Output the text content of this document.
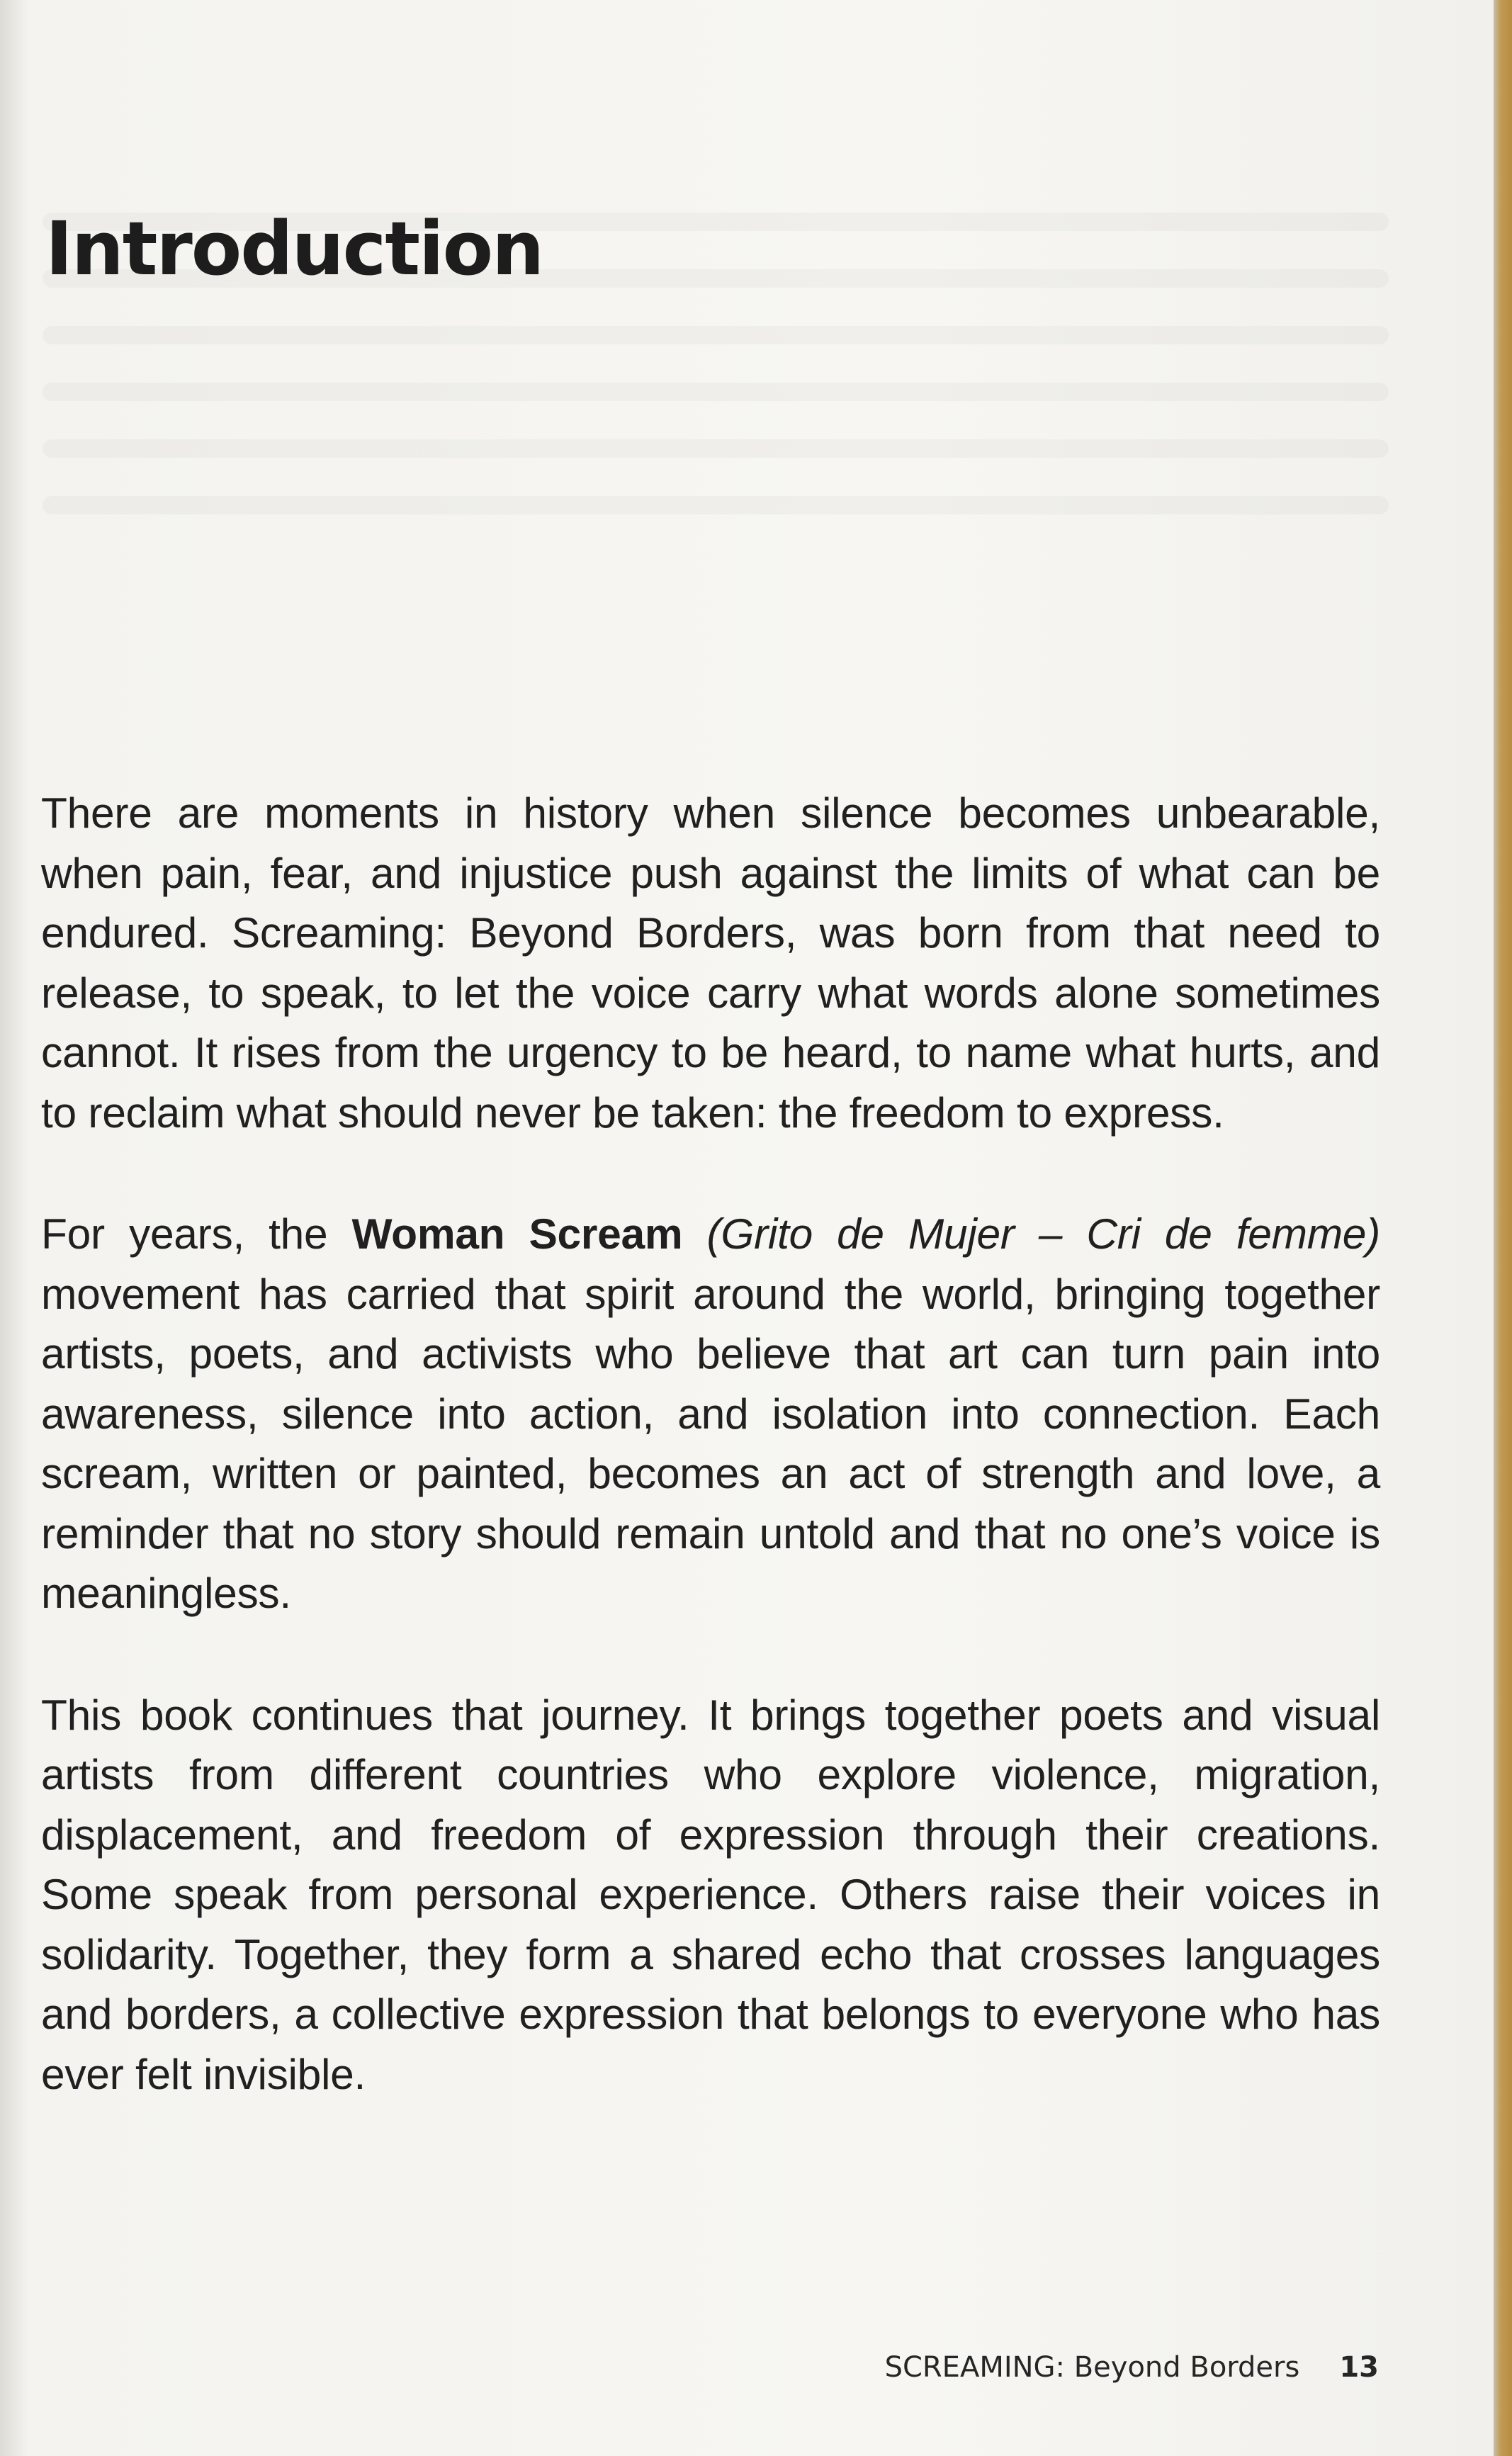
Introduction

There are moments in history when silence becomes unbearable, when pain, fear, and injustice push against the limits of what can be endured. Screaming: Beyond Borders, was born from that need to release, to speak, to let the voice carry what words alone sometimes cannot. It rises from the urgency to be heard, to name what hurts, and to reclaim what should never be taken: the freedom to express.

For years, the Woman Scream (Grito de Mujer – Cri de femme) movement has carried that spirit around the world, bringing together artists, poets, and activists who believe that art can turn pain into awareness, silence into action, and isolation into connection. Each scream, written or painted, becomes an act of strength and love, a reminder that no story should remain untold and that no one’s voice is meaningless.

This book continues that journey. It brings together poets and visual artists from different countries who explore violence, migration, displacement, and freedom of expression through their creations. Some speak from personal experience. Others raise their voices in solidarity. Together, they form a shared echo that crosses languages and borders, a collective expression that belongs to everyone who has ever felt invisible.

SCREAMING: Beyond Borders 13
